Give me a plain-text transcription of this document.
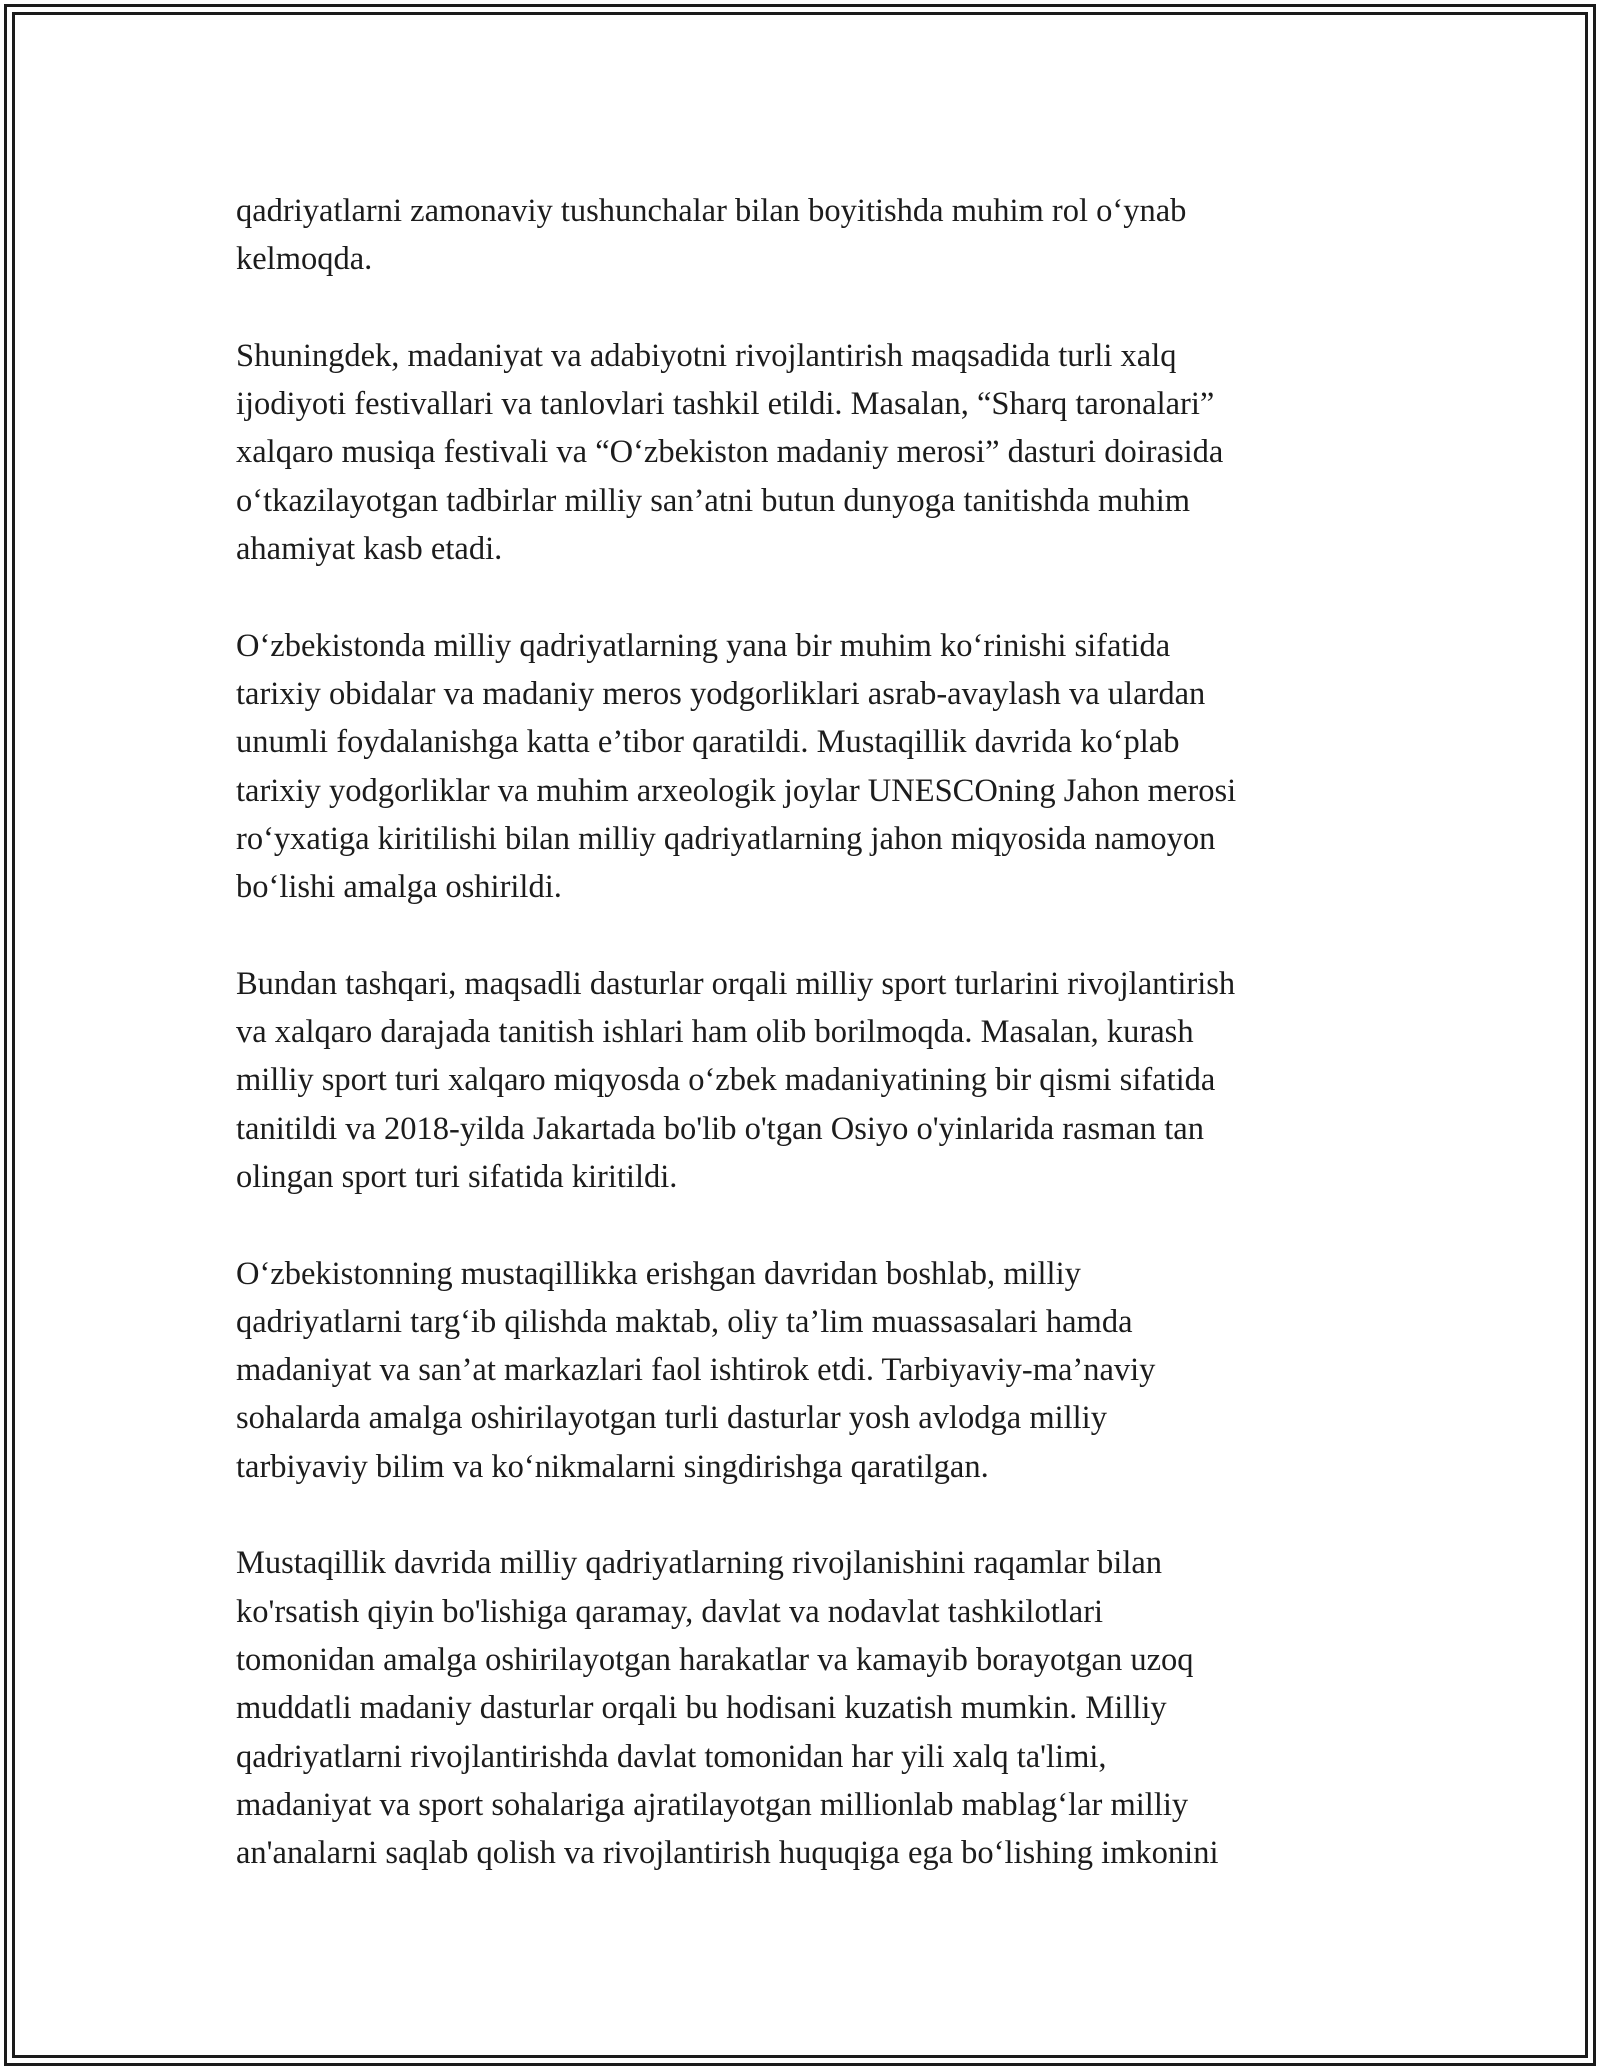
qadriyatlarni zamonaviy tushunchalar bilan boyitishda muhim rol o‘ynab
kelmoqda.

Shuningdek, madaniyat va adabiyotni rivojlantirish maqsadida turli xalq
ijodiyoti festivallari va tanlovlari tashkil etildi. Masalan, “Sharq taronalari”
xalqaro musiqa festivali va “O‘zbekiston madaniy merosi” dasturi doirasida
o‘tkazilayotgan tadbirlar milliy san’atni butun dunyoga tanitishda muhim
ahamiyat kasb etadi.

O‘zbekistonda milliy qadriyatlarning yana bir muhim ko‘rinishi sifatida
tarixiy obidalar va madaniy meros yodgorliklari asrab-avaylash va ulardan
unumli foydalanishga katta e’tibor qaratildi. Mustaqillik davrida ko‘plab
tarixiy yodgorliklar va muhim arxeologik joylar UNESCOning Jahon merosi
ro‘yxatiga kiritilishi bilan milliy qadriyatlarning jahon miqyosida namoyon
bo‘lishi amalga oshirildi.

Bundan tashqari, maqsadli dasturlar orqali milliy sport turlarini rivojlantirish
va xalqaro darajada tanitish ishlari ham olib borilmoqda. Masalan, kurash
milliy sport turi xalqaro miqyosda o‘zbek madaniyatining bir qismi sifatida
tanitildi va 2018-yilda Jakartada bo'lib o'tgan Osiyo o'yinlarida rasman tan
olingan sport turi sifatida kiritildi.

O‘zbekistonning mustaqillikka erishgan davridan boshlab, milliy
qadriyatlarni targ‘ib qilishda maktab, oliy ta’lim muassasalari hamda
madaniyat va san’at markazlari faol ishtirok etdi. Tarbiyaviy-ma’naviy
sohalarda amalga oshirilayotgan turli dasturlar yosh avlodga milliy
tarbiyaviy bilim va ko‘nikmalarni singdirishga qaratilgan.

Mustaqillik davrida milliy qadriyatlarning rivojlanishini raqamlar bilan
ko'rsatish qiyin bo'lishiga qaramay, davlat va nodavlat tashkilotlari
tomonidan amalga oshirilayotgan harakatlar va kamayib borayotgan uzoq
muddatli madaniy dasturlar orqali bu hodisani kuzatish mumkin. Milliy
qadriyatlarni rivojlantirishda davlat tomonidan har yili xalq ta'limi,
madaniyat va sport sohalariga ajratilayotgan millionlab mablag‘lar milliy
an'analarni saqlab qolish va rivojlantirish huquqiga ega bo‘lishing imkonini
